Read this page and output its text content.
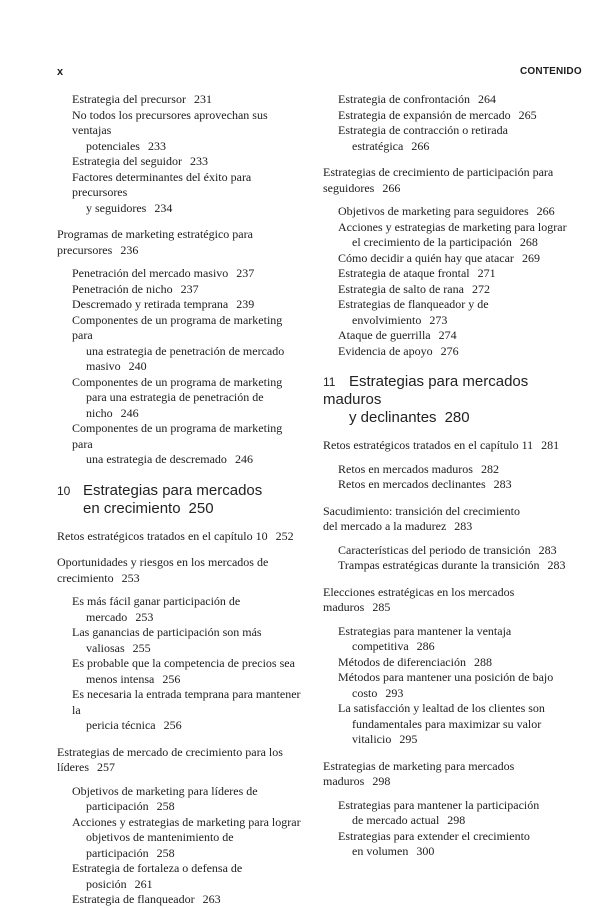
x	CONTENIDO
Estrategia del precursor 231
No todos los precursores aprovechan sus ventajas
potenciales 233
Estrategia del seguidor 233
Factores determinantes del éxito para precursores
y seguidores 234
Programas de marketing estratégico para
precursores 236
Penetración del mercado masivo 237
Penetración de nicho 237
Descremado y retirada temprana 239
Componentes de un programa de marketing para
una estrategia de penetración de mercado
masivo 240
Componentes de un programa de marketing
para una estrategia de penetración de
nicho 246
Componentes de un programa de marketing para
una estrategia de descremado 246
10 Estrategias para mercados
en crecimiento 250
Retos estratégicos tratados en el capítulo 10 252
Oportunidades y riesgos en los mercados de
crecimiento 253
Es más fácil ganar participación de
mercado 253
Las ganancias de participación son más
valiosas 255
Es probable que la competencia de precios sea
menos intensa 256
Es necesaria la entrada temprana para mantener la
pericia técnica 256
Estrategias de mercado de crecimiento para los
líderes 257
Objetivos de marketing para líderes de
participación 258
Acciones y estrategias de marketing para lograr
objetivos de mantenimiento de
participación 258
Estrategia de fortaleza o defensa de
posición 261
Estrategia de flanqueador 263
Estrategia de confrontación 264
Estrategia de expansión de mercado 265
Estrategia de contracción o retirada
estratégica 266
Estrategias de crecimiento de participación para
seguidores 266
Objetivos de marketing para seguidores 266
Acciones y estrategias de marketing para lograr
el crecimiento de la participación 268
Cómo decidir a quién hay que atacar 269
Estrategia de ataque frontal 271
Estrategia de salto de rana 272
Estrategias de flanqueador y de
envolvimiento 273
Ataque de guerrilla 274
Evidencia de apoyo 276
11 Estrategias para mercados maduros
y declinantes 280
Retos estratégicos tratados en el capítulo 11 281
Retos en mercados maduros 282
Retos en mercados declinantes 283
Sacudimiento: transición del crecimiento
del mercado a la madurez 283
Características del periodo de transición 283
Trampas estratégicas durante la transición 283
Elecciones estratégicas en los mercados
maduros 285
Estrategias para mantener la ventaja
competitiva 286
Métodos de diferenciación 288
Métodos para mantener una posición de bajo
costo 293
La satisfacción y lealtad de los clientes son
fundamentales para maximizar su valor
vitalicio 295
Estrategias de marketing para mercados
maduros 298
Estrategias para mantener la participación
de mercado actual 298
Estrategias para extender el crecimiento
en volumen 300
